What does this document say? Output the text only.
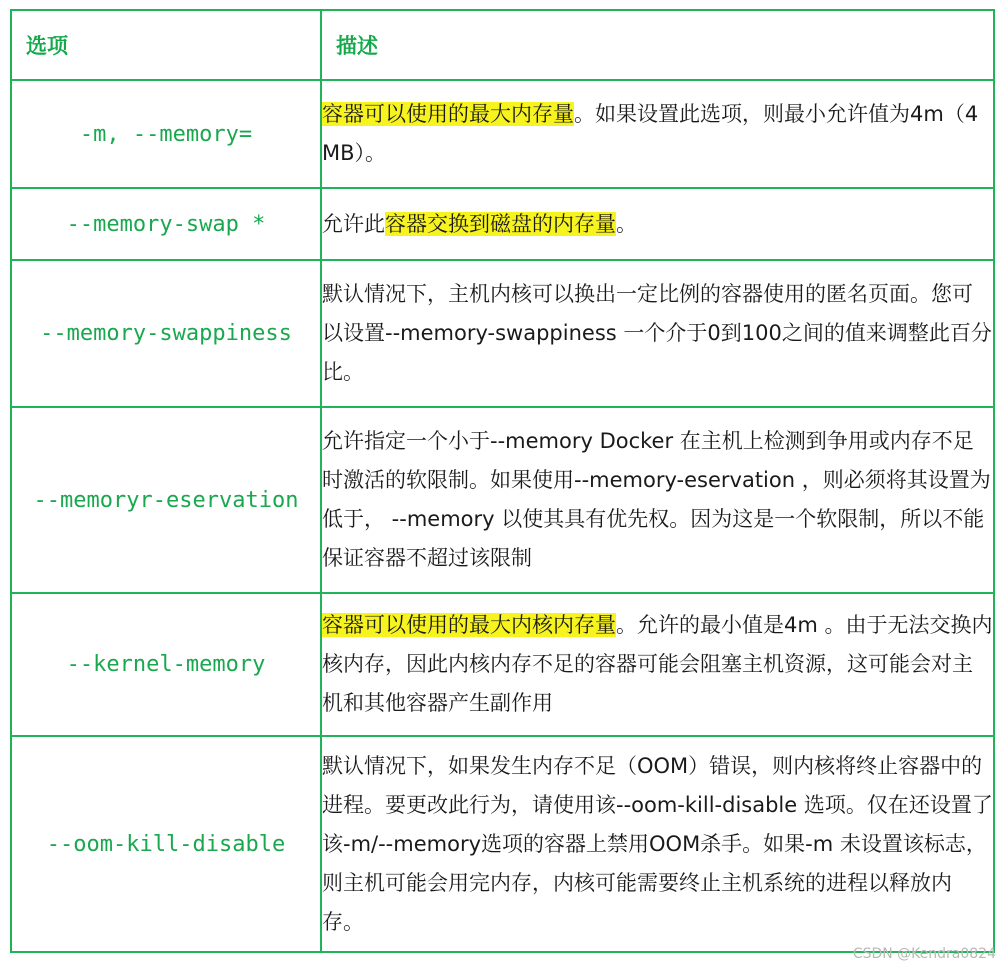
选项	描述
-m, --memory=	容器可以使用的最大内存量。如果设置此选项，则最小允许值为4m（4 MB）。
--memory-swap *	允许此容器交换到磁盘的内存量。
--memory-swappiness	默认情况下，主机内核可以换出一定比例的容器使用的匿名页面。您可以设置--memory-swappiness 一个介于0到100之间的值来调整此百分比。
--memoryr-eservation	允许指定一个小于--memory Docker 在主机上检测到争用或内存不足时激活的软限制。如果使用--memory-eservation ，则必须将其设置为低于， --memory 以使其具有优先权。因为这是一个软限制，所以不能保证容器不超过该限制
--kernel-memory	容器可以使用的最大内核内存量。允许的最小值是4m 。由于无法交换内核内存，因此内核内存不足的容器可能会阻塞主机资源，这可能会对主机和其他容器产生副作用
--oom-kill-disable	默认情况下，如果发生内存不足（OOM）错误，则内核将终止容器中的进程。要更改此行为，请使用该--oom-kill-disable 选项。仅在还设置了该-m/--memory选项的容器上禁用OOM杀手。如果-m 未设置该标志，则主机可能会用完内存，内核可能需要终止主机系统的进程以释放内存。
CSDN @Kendra0824
